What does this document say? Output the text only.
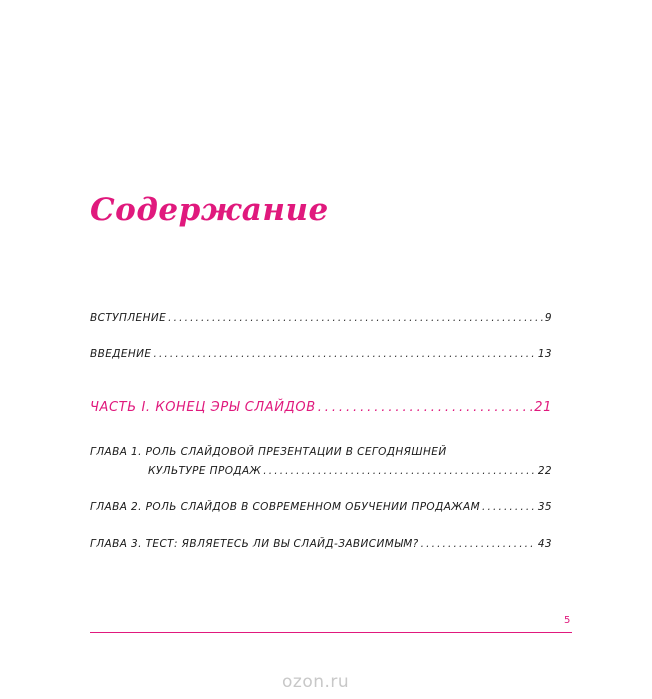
Содержание
ВСТУПЛЕНИЕ . . .	9
ВВЕДЕНИЕ . . .	13
ЧАСТЬ I. КОНЕЦ ЭРЫ СЛАЙДОВ . . .	21
ГЛАВА 1. РОЛЬ СЛАЙДОВОЙ ПРЕЗЕНТАЦИИ В СЕГОДНЯШНЕЙ
КУЛЬТУРЕ ПРОДАЖ . . .	22
ГЛАВА 2. РОЛЬ СЛАЙДОВ В СОВРЕМЕННОМ ОБУЧЕНИИ ПРОДАЖАМ . . .	35
ГЛАВА 3. ТЕСТ: ЯВЛЯЕТЕСЬ ЛИ ВЫ СЛАЙД-ЗАВИСИМЫМ? . . .	43
5
ozon.ru
